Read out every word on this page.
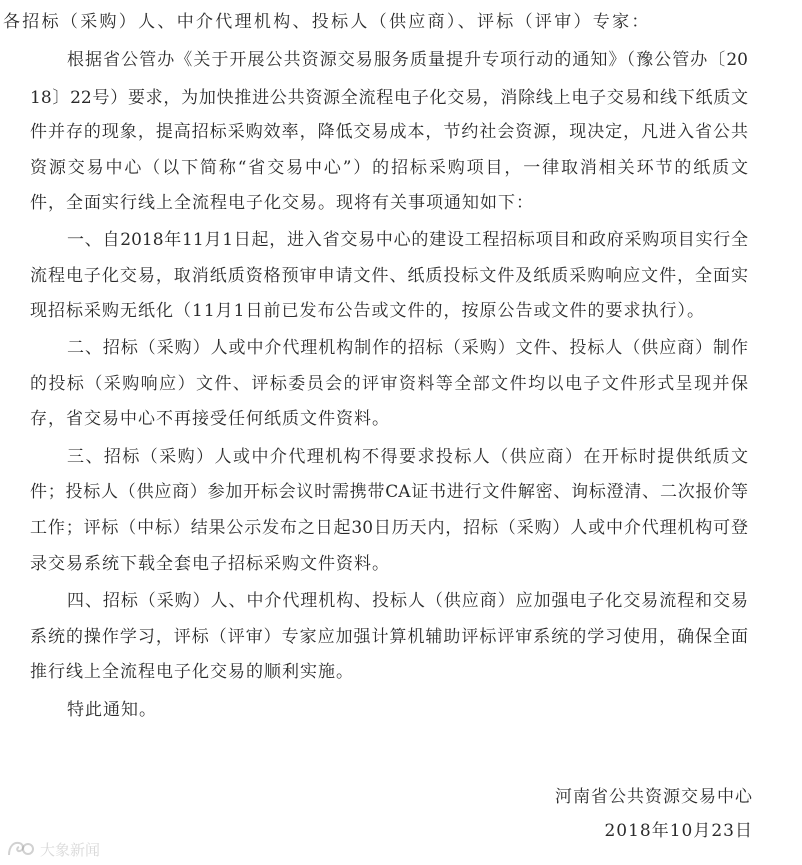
各招标（采购）人、中介代理机构、投标人（供应商）、评标（评审）专家：
根据省公管办《关于开展公共资源交易服务质量提升专项行动的通知》（豫公管办〔20
18〕22号）要求，为加快推进公共资源全流程电子化交易，消除线上电子交易和线下纸质文
件并存的现象，提高招标采购效率，降低交易成本，节约社会资源，现决定，凡进入省公共
资源交易中心（以下简称“省交易中心”）的招标采购项目，一律取消相关环节的纸质文
件，全面实行线上全流程电子化交易。现将有关事项通知如下：
一、自2018年11月1日起，进入省交易中心的建设工程招标项目和政府采购项目实行全
流程电子化交易，取消纸质资格预审申请文件、纸质投标文件及纸质采购响应文件，全面实
现招标采购无纸化（11月1日前已发布公告或文件的，按原公告或文件的要求执行）。
二、招标（采购）人或中介代理机构制作的招标（采购）文件、投标人（供应商）制作
的投标（采购响应）文件、评标委员会的评审资料等全部文件均以电子文件形式呈现并保
存，省交易中心不再接受任何纸质文件资料。
三、招标（采购）人或中介代理机构不得要求投标人（供应商）在开标时提供纸质文
件；投标人（供应商）参加开标会议时需携带CA证书进行文件解密、询标澄清、二次报价等
工作；评标（中标）结果公示发布之日起30日历天内，招标（采购）人或中介代理机构可登
录交易系统下载全套电子招标采购文件资料。
四、招标（采购）人、中介代理机构、投标人（供应商）应加强电子化交易流程和交易
系统的操作学习，评标（评审）专家应加强计算机辅助评标评审系统的学习使用，确保全面
推行线上全流程电子化交易的顺利实施。
特此通知。
河南省公共资源交易中心
2018年10月23日
大象新闻
